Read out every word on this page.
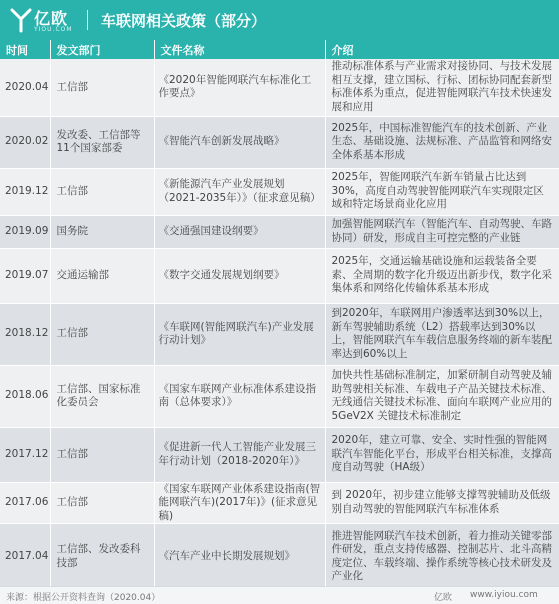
亿欧
YIOU.COM 车联网相关政策（部分）
时间	发文部门	文件名称	介绍
2020.04	工信部	《2020年智能网联汽车标准化工作要点》	推动标准体系与产业需求对接协同、与技术发展相互支撑，建立国标、行标、团标协同配套新型标准体系为重点，促进智能网联汽车技术快速发展和应用
2020.02	发改委、工信部等11个国家部委	《智能汽车创新发展战略》	2025年，中国标准智能汽车的技术创新、产业生态、基础设施、法规标准、产品监管和网络安全体系基本形成
2019.12	工信部	《新能源汽车产业发展规划（2021-2035年）》（征求意见稿）	2025年，智能网联汽车新车销量占比达到30%，高度自动驾驶智能网联汽车实现限定区域和特定场景商业化应用
2019.09	国务院	《交通强国建设纲要》	加强智能网联汽车（智能汽车、自动驾驶、车路协同）研发，形成自主可控完整的产业链
2019.07	交通运输部	《数字交通发展规划纲要》	2025年，交通运输基础设施和运载装备全要素、全周期的数字化升级迈出新步伐，数字化采集体系和网络化传输体系基本形成
2018.12	工信部	《车联网(智能网联汽车)产业发展行动计划》	到2020年，车联网用户渗透率达到30%以上，新车驾驶辅助系统（L2）搭载率达到30%以上，智能网联汽车车载信息服务终端的新车装配率达到60%以上
2018.06	工信部、国家标准化委员会	《国家车联网产业标准体系建设指南（总体要求）》	加快共性基础标准制定，加紧研制自动驾驶及辅助驾驶相关标准、车载电子产品关键技术标准、无线通信关键技术标准、面向车联网产业应用的 5GeV2X 关键技术标准制定
2017.12	工信部	《促进新一代人工智能产业发展三年行动计划（2018-2020年）》	2020年，建立可靠、安全、实时性强的智能网联汽车智能化平台，形成平台相关标准，支撑高度自动驾驶（HA级）
2017.06	工信部	《国家车联网产业体系建设指南(智能网联汽车)(2017年)》(征求意见稿)	到 2020年，初步建立能够支撑驾驶辅助及低级别自动驾驶的智能网联汽车标准体系
2017.04	工信部、发改委科技部	《汽车产业中长期发展规划》	推进智能网联汽车技术创新，着力推动关键零部件研发，重点支持传感器、控制芯片、北斗高精度定位、车载终端、操作系统等核心技术研发及产业化
来源：根据公开资料查询（2020.04）	亿欧 www.iyiou.com
